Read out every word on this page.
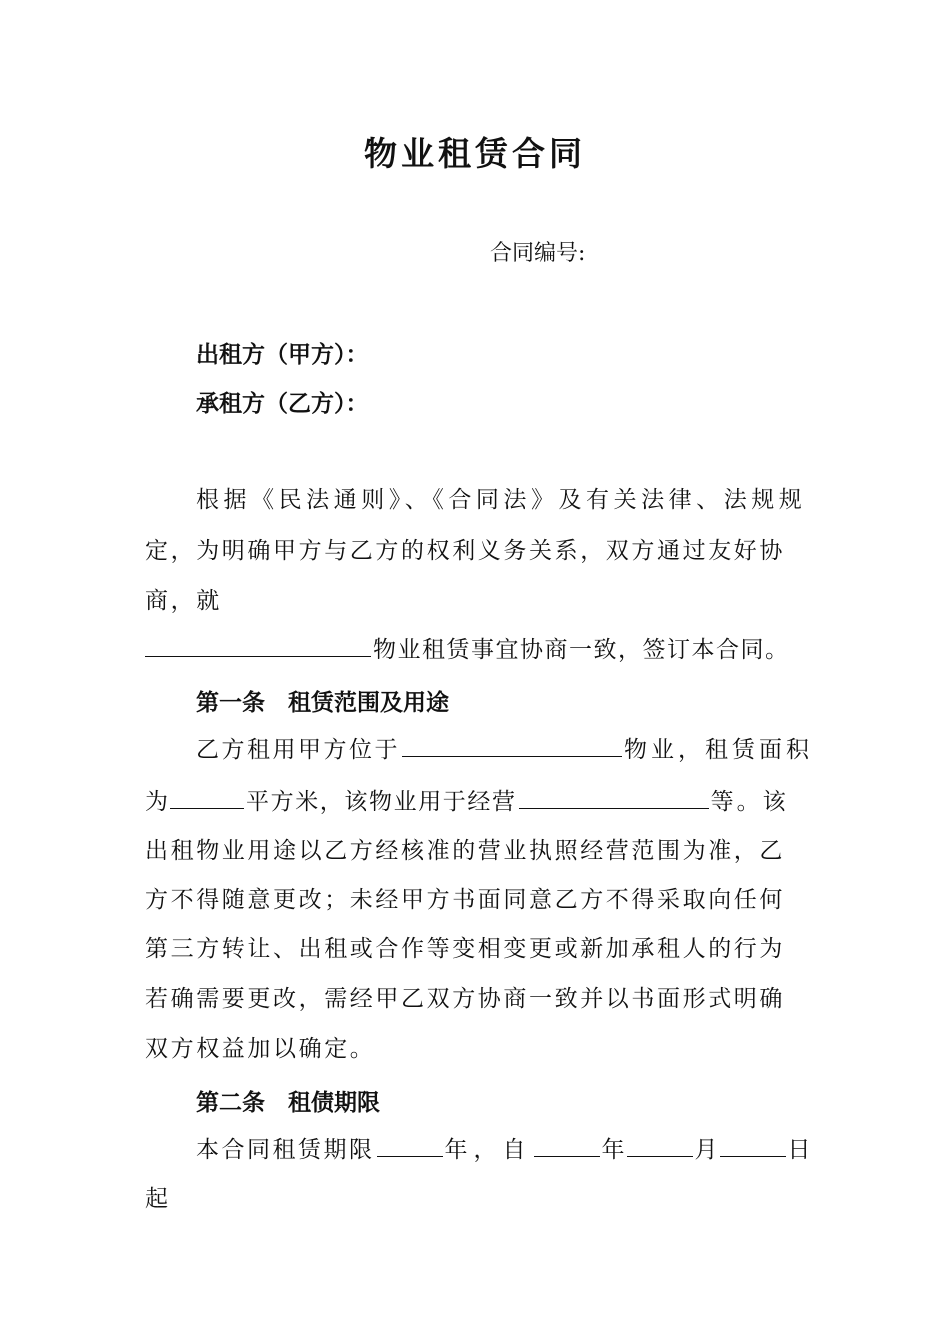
物业租赁合同
合同编号:
出租方（甲方）：
承租方（乙方）：
根据《民法通则》、《合同法》及有关法律、法规规
定，为明确甲方与乙方的权利义务关系，双方通过友好协
商，就
物业租赁事宜协商一致，签订本合同。
第一条　租赁范围及用途
乙方租用甲方位于	物业，租赁面积
为	平方米，该物业用于经营	等。该
出租物业用途以乙方经核准的营业执照经营范围为准，乙
方不得随意更改；未经甲方书面同意乙方不得采取向任何
第三方转让、出租或合作等变相变更或新加承租人的行为
若确需要更改，需经甲乙双方协商一致并以书面形式明确
双方权益加以确定。
第二条　租债期限
本合同租赁期限	年，自	年	月	日
起
